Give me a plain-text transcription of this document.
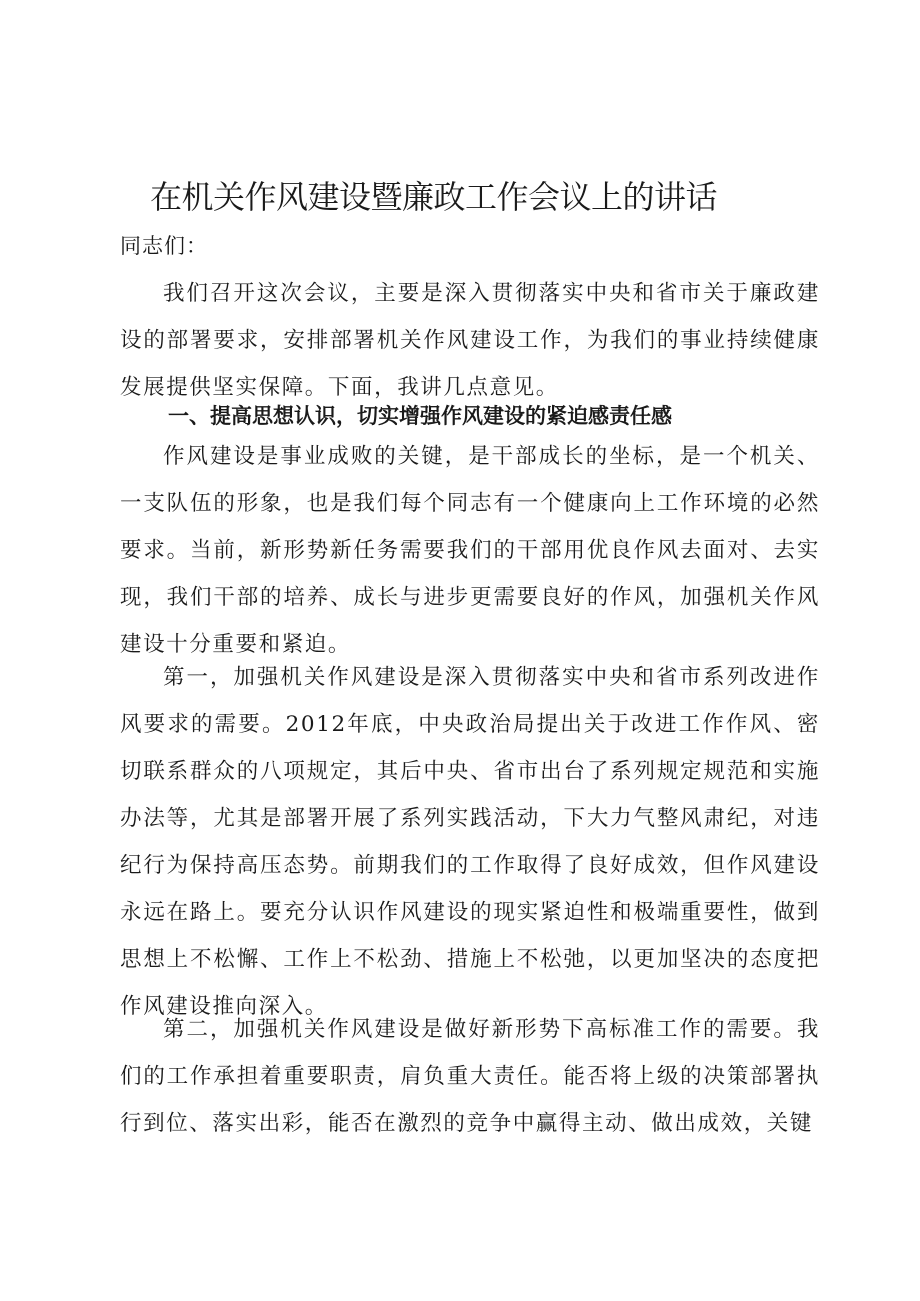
在机关作风建设暨廉政工作会议上的讲话

同志们：

我们召开这次会议，主要是深入贯彻落实中央和省市关于廉政建设的部署要求，安排部署机关作风建设工作，为我们的事业持续健康发展提供坚实保障。下面，我讲几点意见。

一、提高思想认识，切实增强作风建设的紧迫感责任感

作风建设是事业成败的关键，是干部成长的坐标，是一个机关、一支队伍的形象，也是我们每个同志有一个健康向上工作环境的必然要求。当前，新形势新任务需要我们的干部用优良作风去面对、去实现，我们干部的培养、成长与进步更需要良好的作风，加强机关作风建设十分重要和紧迫。

第一，加强机关作风建设是深入贯彻落实中央和省市系列改进作风要求的需要。2012年底，中央政治局提出关于改进工作作风、密切联系群众的八项规定，其后中央、省市出台了系列规定规范和实施办法等，尤其是部署开展了系列实践活动，下大力气整风肃纪，对违纪行为保持高压态势。前期我们的工作取得了良好成效，但作风建设永远在路上。要充分认识作风建设的现实紧迫性和极端重要性，做到思想上不松懈、工作上不松劲、措施上不松弛，以更加坚决的态度把作风建设推向深入。

第二，加强机关作风建设是做好新形势下高标准工作的需要。我们的工作承担着重要职责，肩负重大责任。能否将上级的决策部署执行到位、落实出彩，能否在激烈的竞争中赢得主动、做出成效，关键
